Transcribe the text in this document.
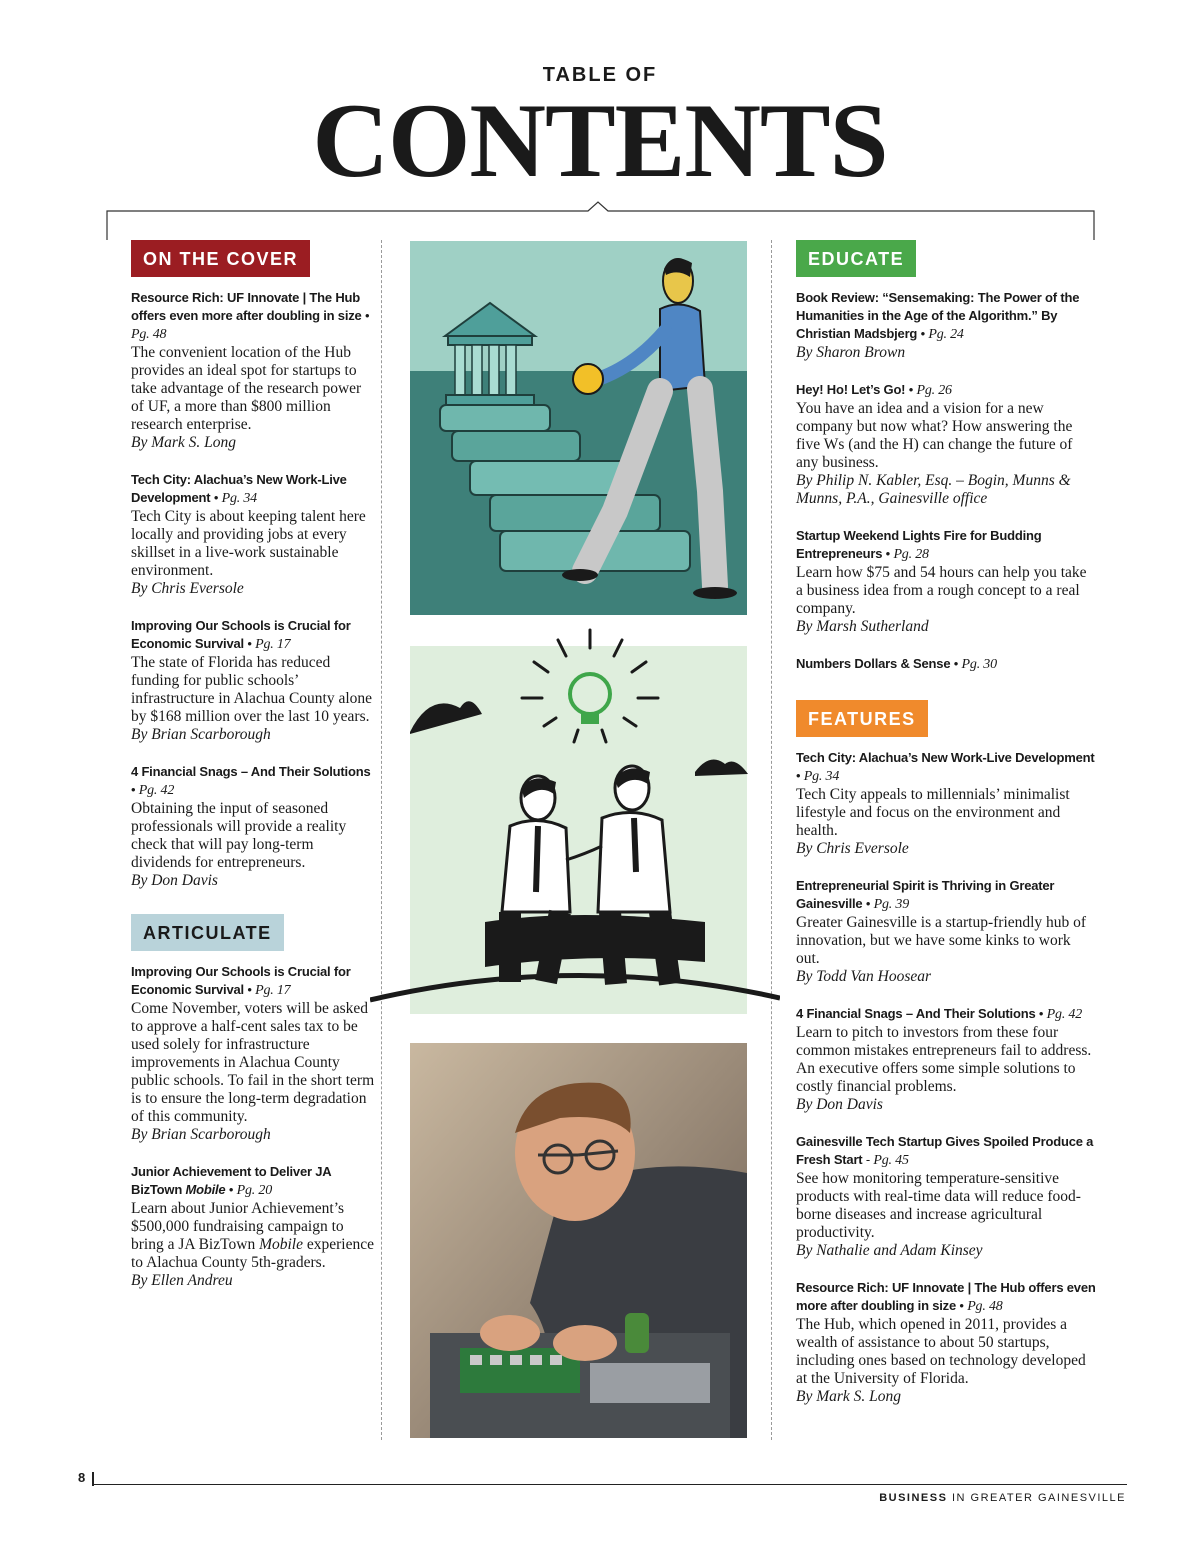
TABLE OF
CONTENTS
ON THE COVER
Resource Rich: UF Innovate | The Hub offers even more after doubling in size • Pg. 48
The convenient location of the Hub provides an ideal spot for startups to take advantage of the research power of UF, a more than $800 million research enterprise.
By Mark S. Long
Tech City: Alachua’s New Work-Live Development • Pg. 34
Tech City is about keeping talent here locally and providing jobs at every skillset in a live-work sustainable environment.
By Chris Eversole
Improving Our Schools is Crucial for Economic Survival • Pg. 17
The state of Florida has reduced funding for public schools’ infrastructure in Alachua County alone by $168 million over the last 10 years.
By Brian Scarborough
4 Financial Snags – And Their Solutions • Pg. 42
Obtaining the input of seasoned professionals will provide a reality check that will pay long-term dividends for entrepreneurs.
By Don Davis
ARTICULATE
Improving Our Schools is Crucial for Economic Survival • Pg. 17
Come November, voters will be asked to approve a half-cent sales tax to be used solely for infrastructure improvements in Alachua County public schools. To fail in the short term is to ensure the long-term degradation of this community.
By Brian Scarborough
Junior Achievement to Deliver JA BizTown Mobile • Pg. 20
Learn about Junior Achievement’s $500,000 fundraising campaign to bring a JA BizTown Mobile experience to Alachua County 5th-graders.
By Ellen Andreu
EDUCATE
Book Review: “Sensemaking: The Power of the Humanities in the Age of the Algorithm.” By Christian Madsbjerg • Pg. 24
By Sharon Brown
Hey! Ho! Let’s Go! • Pg. 26
You have an idea and a vision for a new company but now what? How answering the five Ws (and the H) can change the future of any business.
By Philip N. Kabler, Esq. – Bogin, Munns & Munns, P.A., Gainesville office
Startup Weekend Lights Fire for Budding Entrepreneurs • Pg. 28
Learn how $75 and 54 hours can help you take a business idea from a rough concept to a real company.
By Marsh Sutherland
Numbers Dollars & Sense • Pg. 30
FEATURES
Tech City: Alachua’s New Work-Live Development • Pg. 34
Tech City appeals to millennials’ minimalist lifestyle and focus on the environment and health.
By Chris Eversole
Entrepreneurial Spirit is Thriving in Greater Gainesville • Pg. 39
Greater Gainesville is a startup-friendly hub of innovation, but we have some kinks to work out.
By Todd Van Hoosear
4 Financial Snags – And Their Solutions • Pg. 42
Learn to pitch to investors from these four common mistakes entrepreneurs fail to address. An executive offers some simple solutions to costly financial problems.
By Don Davis
Gainesville Tech Startup Gives Spoiled Produce a Fresh Start - Pg. 45
See how monitoring temperature-sensitive products with real-time data will reduce food-borne diseases and increase agricultural productivity.
By Nathalie and Adam Kinsey
Resource Rich: UF Innovate | The Hub offers even more after doubling in size • Pg. 48
The Hub, which opened in 2011, provides a wealth of assistance to about 50 startups, including ones based on technology developed at the University of Florida.
By Mark S. Long
8
BUSINESS IN GREATER GAINESVILLE
